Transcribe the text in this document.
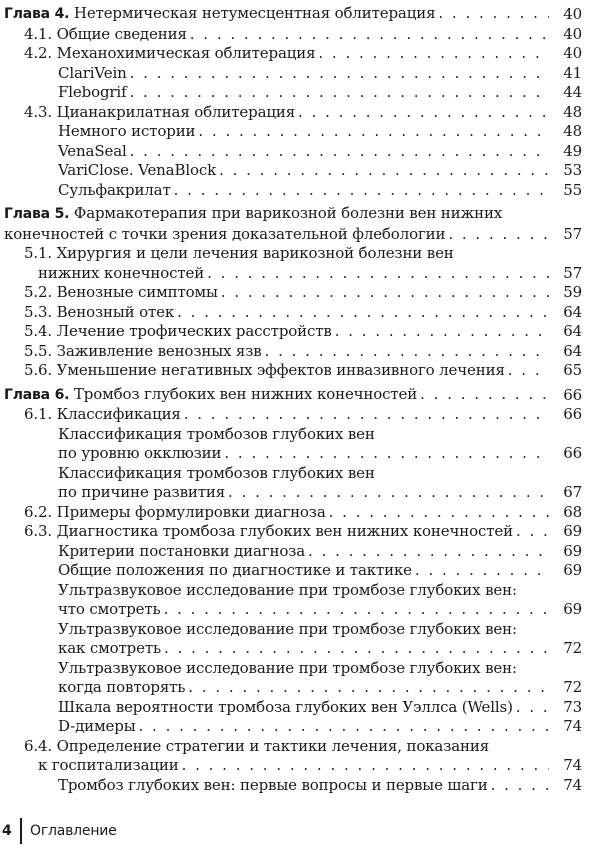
Глава 4. Нетермическая нетумесцентная облитерация . . .	40
4.1. Общие сведения . . .	40
4.2. Механохимическая облитерация . . .	40
ClariVein . . .	41
Flebogrif . . .	44
4.3. Цианакрилатная облитерация . . .	48
Немного истории . . .	48
VenaSeal . . .	49
VariClose. VenaBlock . . .	53
Сульфакрилат . . .	55
Глава 5. Фармакотерапия при варикозной болезни вен нижних
конечностей с точки зрения доказательной флебологии . . .	57
5.1. Хирургия и цели лечения варикозной болезни вен
нижних конечностей . . .	57
5.2. Венозные симптомы . . .	59
5.3. Венозный отек . . .	64
5.4. Лечение трофических расстройств . . .	64
5.5. Заживление венозных язв . . .	64
5.6. Уменьшение негативных эффектов инвазивного лечения . . .	65
Глава 6. Тромбоз глубоких вен нижних конечностей . . .	66
6.1. Классификация . . .	66
Классификация тромбозов глубоких вен
по уровню окклюзии . . .	66
Классификация тромбозов глубоких вен
по причине развития . . .	67
6.2. Примеры формулировки диагноза . . .	68
6.3. Диагностика тромбоза глубоких вен нижних конечностей . . .	69
Критерии постановки диагноза . . .	69
Общие положения по диагностике и тактике . . .	69
Ультразвуковое исследование при тромбозе глубоких вен:
что смотреть . . .	69
Ультразвуковое исследование при тромбозе глубоких вен:
как смотреть . . .	72
Ультразвуковое исследование при тромбозе глубоких вен:
когда повторять . . .	72
Шкала вероятности тромбоза глубоких вен Уэллса (Wells) . . .	73
D-димеры . . .	74
6.4. Определение стратегии и тактики лечения, показания
к госпитализации . . .	74
Тромбоз глубоких вен: первые вопросы и первые шаги . . .	74
4	Оглавление
